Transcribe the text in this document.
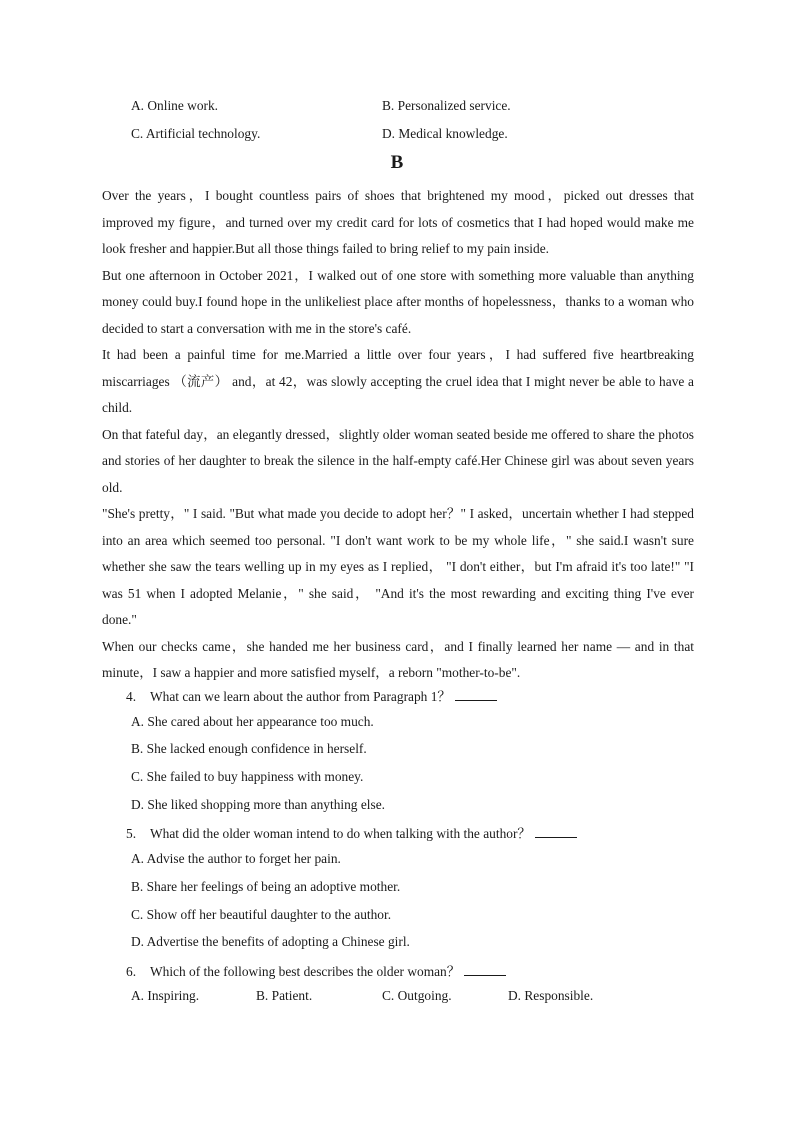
A. Online work.	B. Personalized service.
C. Artificial technology.	D. Medical knowledge.
B

Over the years，I bought countless pairs of shoes that brightened my mood，picked out dresses that improved my figure，and turned over my credit card for lots of cosmetics that I had hoped would make me look fresher and happier.But all those things failed to bring relief to my pain inside.

But one afternoon in October 2021，I walked out of one store with something more valuable than anything money could buy.I found hope in the unlikeliest place after months of hopelessness，thanks to a woman who decided to start a conversation with me in the store's café.

It had been a painful time for me.Married a little over four years，I had suffered five heartbreaking miscarriages （流产） and，at 42，was slowly accepting the cruel idea that I might never be able to have a child.

On that fateful day，an elegantly dressed，slightly older woman seated beside me offered to share the photos and stories of her daughter to break the silence in the half-empty café.Her Chinese girl was about seven years old.

"She's pretty，" I said. "But what made you decide to adopt her？" I asked，uncertain whether I had stepped into an area which seemed too personal. "I don't want work to be my whole life，" she said.I wasn't sure whether she saw the tears welling up in my eyes as I replied， "I don't either，but I'm afraid it's too late!" "I was 51 when I adopted Melanie，" she said， "And it's the most rewarding and exciting thing I've ever done."

When our checks came，she handed me her business card，and I finally learned her name — and in that minute，I saw a happier and more satisfied myself，a reborn "mother-to-be".

4. What can we learn about the author from Paragraph 1？
A. She cared about her appearance too much.
B. She lacked enough confidence in herself.
C. She failed to buy happiness with money.
D. She liked shopping more than anything else.
5. What did the older woman intend to do when talking with the author？
A. Advise the author to forget her pain.
B. Share her feelings of being an adoptive mother.
C. Show off her beautiful daughter to the author.
D. Advertise the benefits of adopting a Chinese girl.
6. Which of the following best describes the older woman？
A. Inspiring.	B. Patient.	C. Outgoing.	D. Responsible.
